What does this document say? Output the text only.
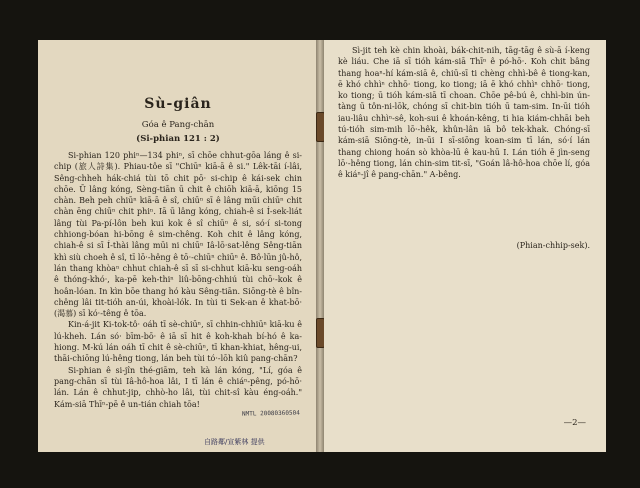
Sù-giân
Góa ê Pang-chān
(Si-phian 121 : 2)

Si-phian 120 phiⁿ—134 phiⁿ, sī chōe chhut-gōa láng ê si-chip (旅人詩集). Phiau-tôe sī "Chiūⁿ kiā-ā ê si." Lêk-tāi í-lâi, Sêng-chheh hák-chiá tùi tō chit pō· si-chip ê kái-sek chin chōe. Ū lâng kóng, Sèng-tiān ū chit ê chiōh kiā-ā, kiōng 15 chàn. Beh peh chiūⁿ kiā-ā ê sî, chiūⁿ sī ê lâng mūi chiūⁿ chit chàn ēng chiūⁿ chit phiⁿ. Iā ū lâng kóng, chiah-ê si Í-sek-liát lâng tùi Pa-pí-lôn beh kui kok ê sî chiūⁿ ê si, só·í si-tong chhiong-bóan hi-bōng ê sim-chêng. Koh chit ê lâng kóng, chiah-ê si sī Í-thài lâng mūi ni chiūⁿ Iâ-lō·sat-lêng Sêng-tiān khì siù choeh ê sî, tī lō·-hêng ê tō·-chiūⁿ chiūⁿ ê. Bô·lūn jû-hô, lán thang khòaⁿ chhut chiah-ê sī sī si-chhut kiā-ku seng-oáh ê thóng-khó·, ka-pē keh-thiⁿ liû-bōng-chhiú tùi chō·-kok ê hoân-lóan. In kìn bōe thang hó kàu Sêng-tiān. Siōng-tè ê bîn-chêng lâi tit-tióh an-úi, khoài-lók. In tùi ti Sek-an ê khat-bō· (渴慕) sī kó·-têng ê tōa.

Kin-á-jit Ki-tok-tô· oáh tī sè-chiūⁿ, sī chhin-chhiūⁿ kiā-ku ê lú-kheh. Lán só· bīm-bō· ê iā sī hit ê koh-khah bí-hó ê ka-hiong. M-kú lán oáh tī chit ê sè-chiūⁿ, tī khan-khiat, hêng-ui, thāi-chiōng lú-hêng tiong, lán beh tùi tó·-lōh kiû pang-chān?

Si-phian ê si-jîn thé-giām, teh kà lán kóng, "Lí, góa ê pang-chān sī tùi Iâ-hô-hoa lâi, I tī lán ê chiáⁿ-pêng, pó-hō· lán. Lán ê chhut-jip, chhò-ho lâi, tùi chit-sî kàu éng-oáh." Kám-siā Thīⁿ-pē ê un-tián chiah tōa!

Sì-jit teh kè chin khoài, bák-chit-nih, tāg-tāg ê sù-ā í-keng kè liáu. Che iā sī tióh kám-siā Thīⁿ ê pó-hō·. Koh chit bâng thang hoaⁿ-hí kám-siā ê, chiū-sī ti chèng chhì-bê ê tiong-kan, ē khó chhìⁿ chhō· tiong, ko tiong; iā ē khó chhìⁿ chhō· tiong, ko tiong; ū tióh kám-siā tī choan. Chōe pê-bú ê, chhì-bin ún-tàng ū tôn-ni-lōk, chóng sī chit-bin tióh ū tam-sim. In-ūi tióh iau-liâu chhìⁿ-sê, koh-sui ê khoán-kêng, ti hia kiám-chhāi beh tú-tióh sim-mih lō·-hêk, khûn-lân iā bô tek-khak. Chóng-sī kám-siā Siōng-tè, in-ūi I sī-siōng koan-sim tī lán, só·í lán thang chiong hoán sò khòa-lū ê kau-hū I. Lán tióh ē jìn-seng lō·-hêng tiong, lán chin-sim tit-sī, "Goán lâ-hô-hoa chōe lí, góa ê kiáⁿ-jî ê pang-chān." A-bêng.

(Phian-chhip-sek).
—2—
NMTL 20080360504
自路鄰/宣紫林 提供
